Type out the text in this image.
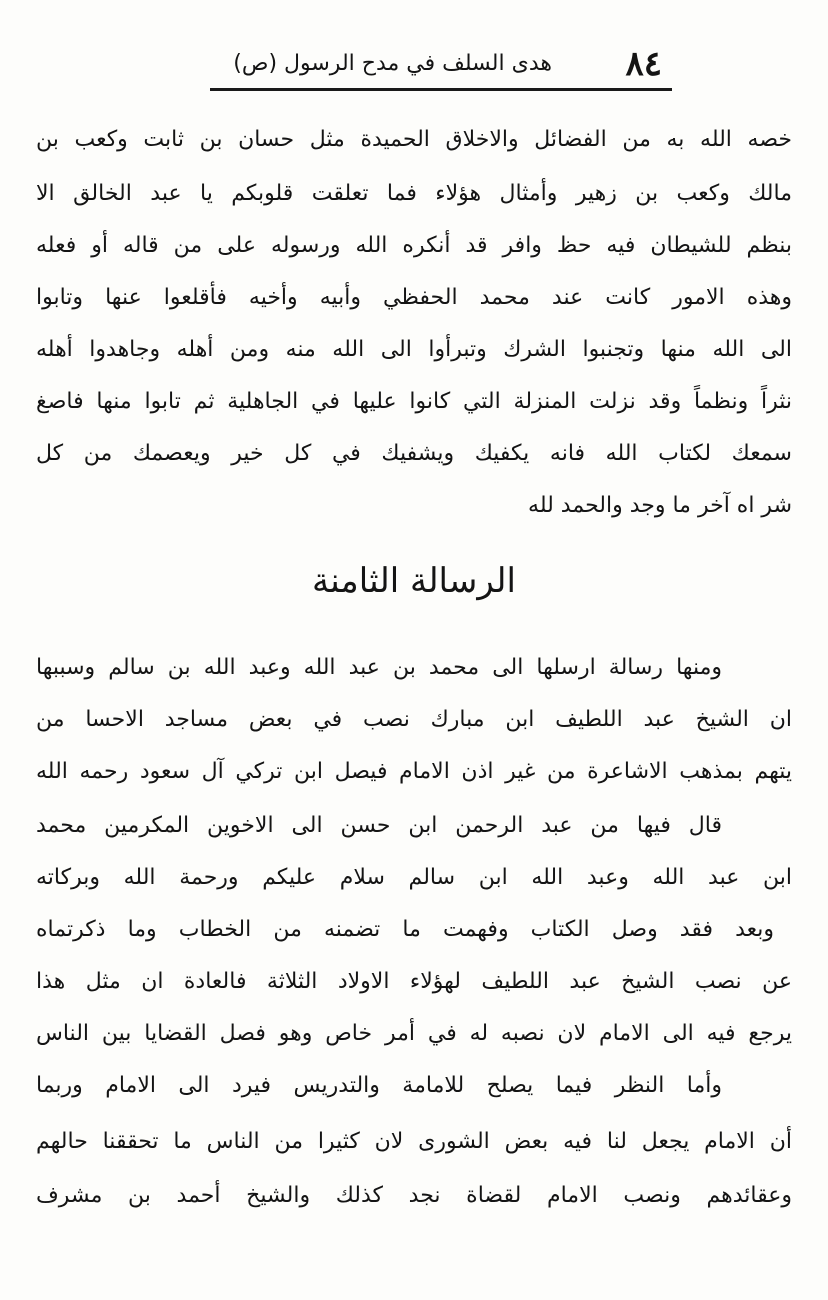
٨٤
هدى السلف في مدح الرسول (ص)
خصه الله به من الفضائل والاخلاق الحميدة مثل حسان بن ثابت وكعب بن
مالك وكعب بن زهير وأمثال هؤلاء فما تعلقت قلوبكم يا عبد الخالق الا
بنظم للشيطان فيه حظ وافر قد أنكره الله ورسوله على من قاله أو فعله
وهذه الامور كانت عند محمد الحفظي وأبيه وأخيه فأقلعوا عنها وتابوا
الى الله منها وتجنبوا الشرك وتبرأوا الى الله منه ومن أهله وجاهدوا أهله
نثراً ونظماً وقد نزلت المنزلة التي كانوا عليها في الجاهلية ثم تابوا منها فاصغ
سمعك لكتاب الله فانه يكفيك ويشفيك في كل خير ويعصمك من كل
شر اه آخر ما وجد والحمد لله
الرسالة الثامنة
ومنها رسالة ارسلها الى محمد بن عبد الله وعبد الله بن سالم وسببها
ان الشيخ عبد اللطيف ابن مبارك نصب في بعض مساجد الاحسا من
يتهم بمذهب الاشاعرة من غير اذن الامام فيصل ابن تركي آل سعود رحمه الله
قال فيها من عبد الرحمن ابن حسن الى الاخوين المكرمين محمد
ابن عبد الله وعبد الله ابن سالم سلام عليكم ورحمة الله وبركاته
وبعد فقد وصل الكتاب وفهمت ما تضمنه من الخطاب وما ذكرتماه
عن نصب الشيخ عبد اللطيف لهؤلاء الاولاد الثلاثة فالعادة ان مثل هذا
يرجع فيه الى الامام لان نصبه له في أمر خاص وهو فصل القضايا بين الناس
وأما النظر فيما يصلح للامامة والتدريس فيرد الى الامام وربما
أن الامام يجعل لنا فيه بعض الشورى لان كثيرا من الناس ما تحققنا حالهم
وعقائدهم ونصب الامام لقضاة نجد كذلك والشيخ أحمد بن مشرف
